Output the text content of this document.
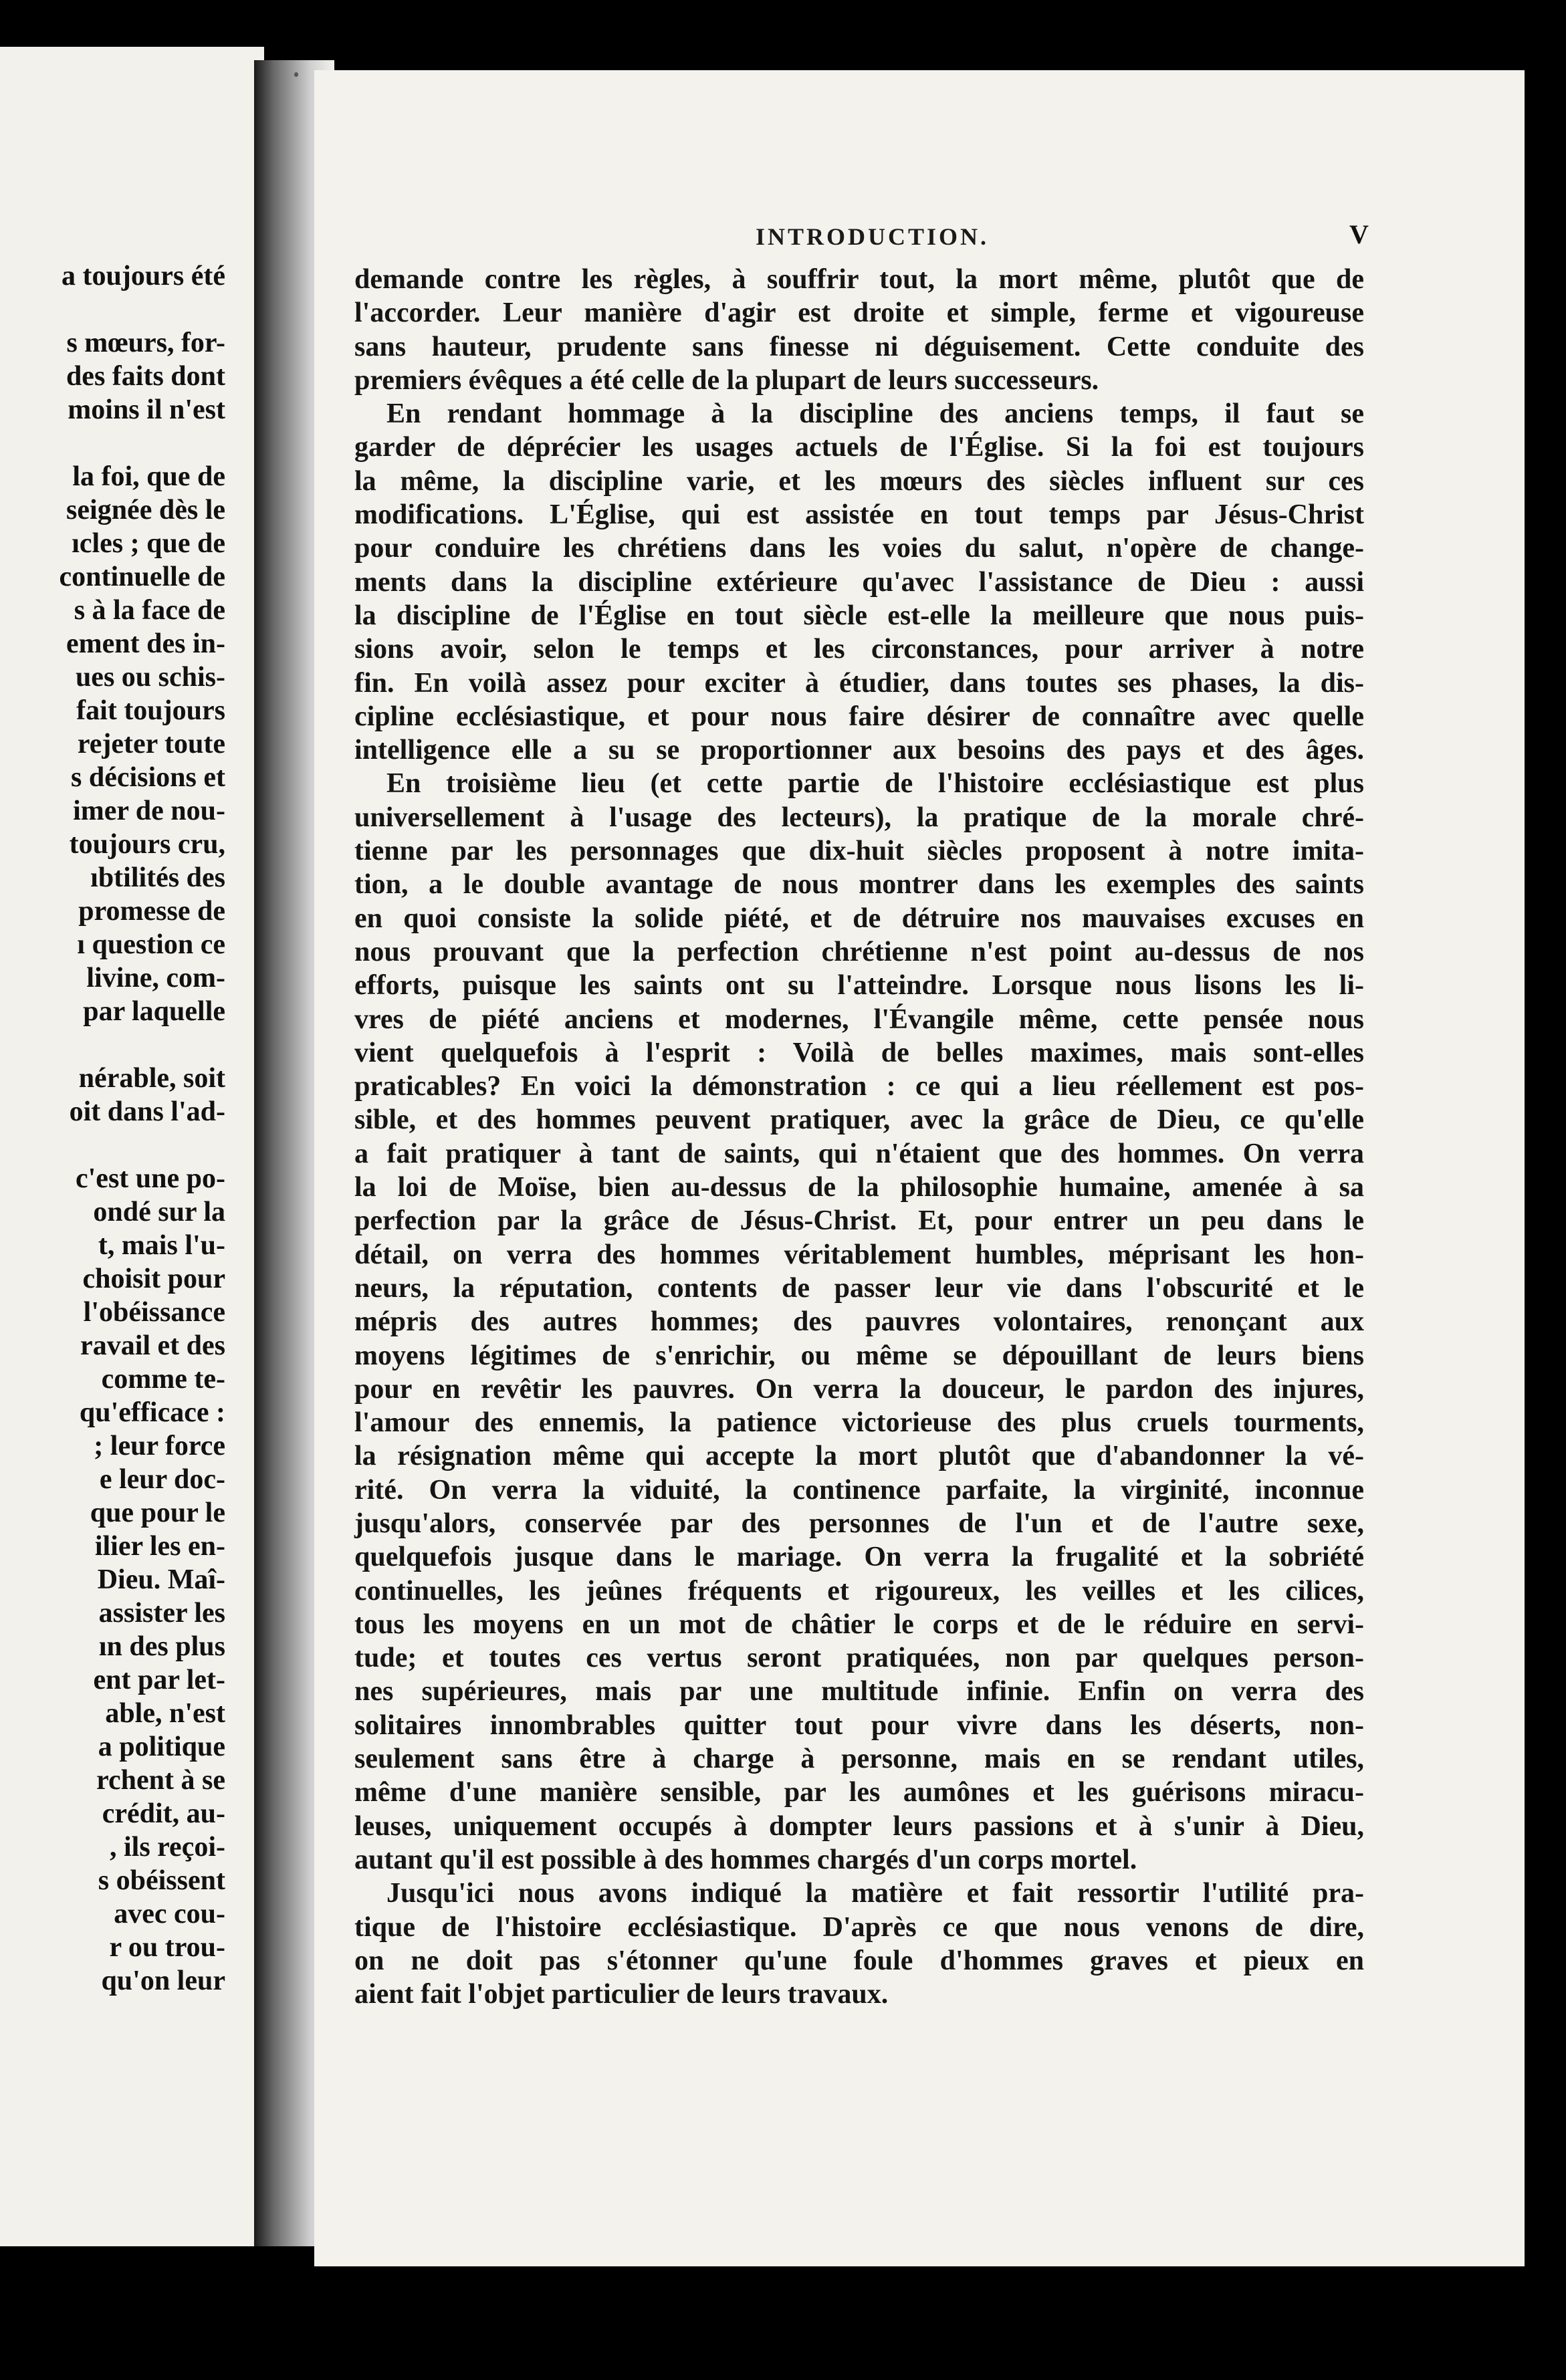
a toujours été
s mœurs, for-
des faits dont
moins il n'est
la foi, que de
seignée dès le
ıcles ; que de
continuelle de
s à la face de
ement des in-
ues ou schis-
fait toujours
rejeter toute
s décisions et
imer de nou-
toujours cru,
ıbtilités des
promesse de
ı question ce
livine, com-
par laquelle
nérable, soit
oit dans l'ad-
c'est une po-
ondé sur la
t, mais l'u-
choisit pour
l'obéissance
ravail et des
comme te-
qu'efficace :
; leur force
e leur doc-
que pour le
ilier les en-
Dieu. Maî-
assister les
ın des plus
ent par let-
able, n'est
a politique
rchent à se
crédit, au-
, ils reçoi-
s obéissent
avec cou-
r ou trou-
qu'on leur
INTRODUCTION.	V
demande contre les règles, à souffrir tout, la mort même, plutôt que de
l'accorder. Leur manière d'agir est droite et simple, ferme et vigoureuse
sans hauteur, prudente sans finesse ni déguisement. Cette conduite des
premiers évêques a été celle de la plupart de leurs successeurs.
En rendant hommage à la discipline des anciens temps, il faut se
garder de déprécier les usages actuels de l'Église. Si la foi est toujours
la même, la discipline varie, et les mœurs des siècles influent sur ces
modifications. L'Église, qui est assistée en tout temps par Jésus-Christ
pour conduire les chrétiens dans les voies du salut, n'opère de change-
ments dans la discipline extérieure qu'avec l'assistance de Dieu : aussi
la discipline de l'Église en tout siècle est-elle la meilleure que nous puis-
sions avoir, selon le temps et les circonstances, pour arriver à notre
fin. En voilà assez pour exciter à étudier, dans toutes ses phases, la dis-
cipline ecclésiastique, et pour nous faire désirer de connaître avec quelle
intelligence elle a su se proportionner aux besoins des pays et des âges.
En troisième lieu (et cette partie de l'histoire ecclésiastique est plus
universellement à l'usage des lecteurs), la pratique de la morale chré-
tienne par les personnages que dix-huit siècles proposent à notre imita-
tion, a le double avantage de nous montrer dans les exemples des saints
en quoi consiste la solide piété, et de détruire nos mauvaises excuses en
nous prouvant que la perfection chrétienne n'est point au-dessus de nos
efforts, puisque les saints ont su l'atteindre. Lorsque nous lisons les li-
vres de piété anciens et modernes, l'Évangile même, cette pensée nous
vient quelquefois à l'esprit : Voilà de belles maximes, mais sont-elles
praticables? En voici la démonstration : ce qui a lieu réellement est pos-
sible, et des hommes peuvent pratiquer, avec la grâce de Dieu, ce qu'elle
a fait pratiquer à tant de saints, qui n'étaient que des hommes. On verra
la loi de Moïse, bien au-dessus de la philosophie humaine, amenée à sa
perfection par la grâce de Jésus-Christ. Et, pour entrer un peu dans le
détail, on verra des hommes véritablement humbles, méprisant les hon-
neurs, la réputation, contents de passer leur vie dans l'obscurité et le
mépris des autres hommes; des pauvres volontaires, renonçant aux
moyens légitimes de s'enrichir, ou même se dépouillant de leurs biens
pour en revêtir les pauvres. On verra la douceur, le pardon des injures,
l'amour des ennemis, la patience victorieuse des plus cruels tourments,
la résignation même qui accepte la mort plutôt que d'abandonner la vé-
rité. On verra la viduité, la continence parfaite, la virginité, inconnue
jusqu'alors, conservée par des personnes de l'un et de l'autre sexe,
quelquefois jusque dans le mariage. On verra la frugalité et la sobriété
continuelles, les jeûnes fréquents et rigoureux, les veilles et les cilices,
tous les moyens en un mot de châtier le corps et de le réduire en servi-
tude; et toutes ces vertus seront pratiquées, non par quelques person-
nes supérieures, mais par une multitude infinie. Enfin on verra des
solitaires innombrables quitter tout pour vivre dans les déserts, non-
seulement sans être à charge à personne, mais en se rendant utiles,
même d'une manière sensible, par les aumônes et les guérisons miracu-
leuses, uniquement occupés à dompter leurs passions et à s'unir à Dieu,
autant qu'il est possible à des hommes chargés d'un corps mortel.
Jusqu'ici nous avons indiqué la matière et fait ressortir l'utilité pra-
tique de l'histoire ecclésiastique. D'après ce que nous venons de dire,
on ne doit pas s'étonner qu'une foule d'hommes graves et pieux en
aient fait l'objet particulier de leurs travaux.
